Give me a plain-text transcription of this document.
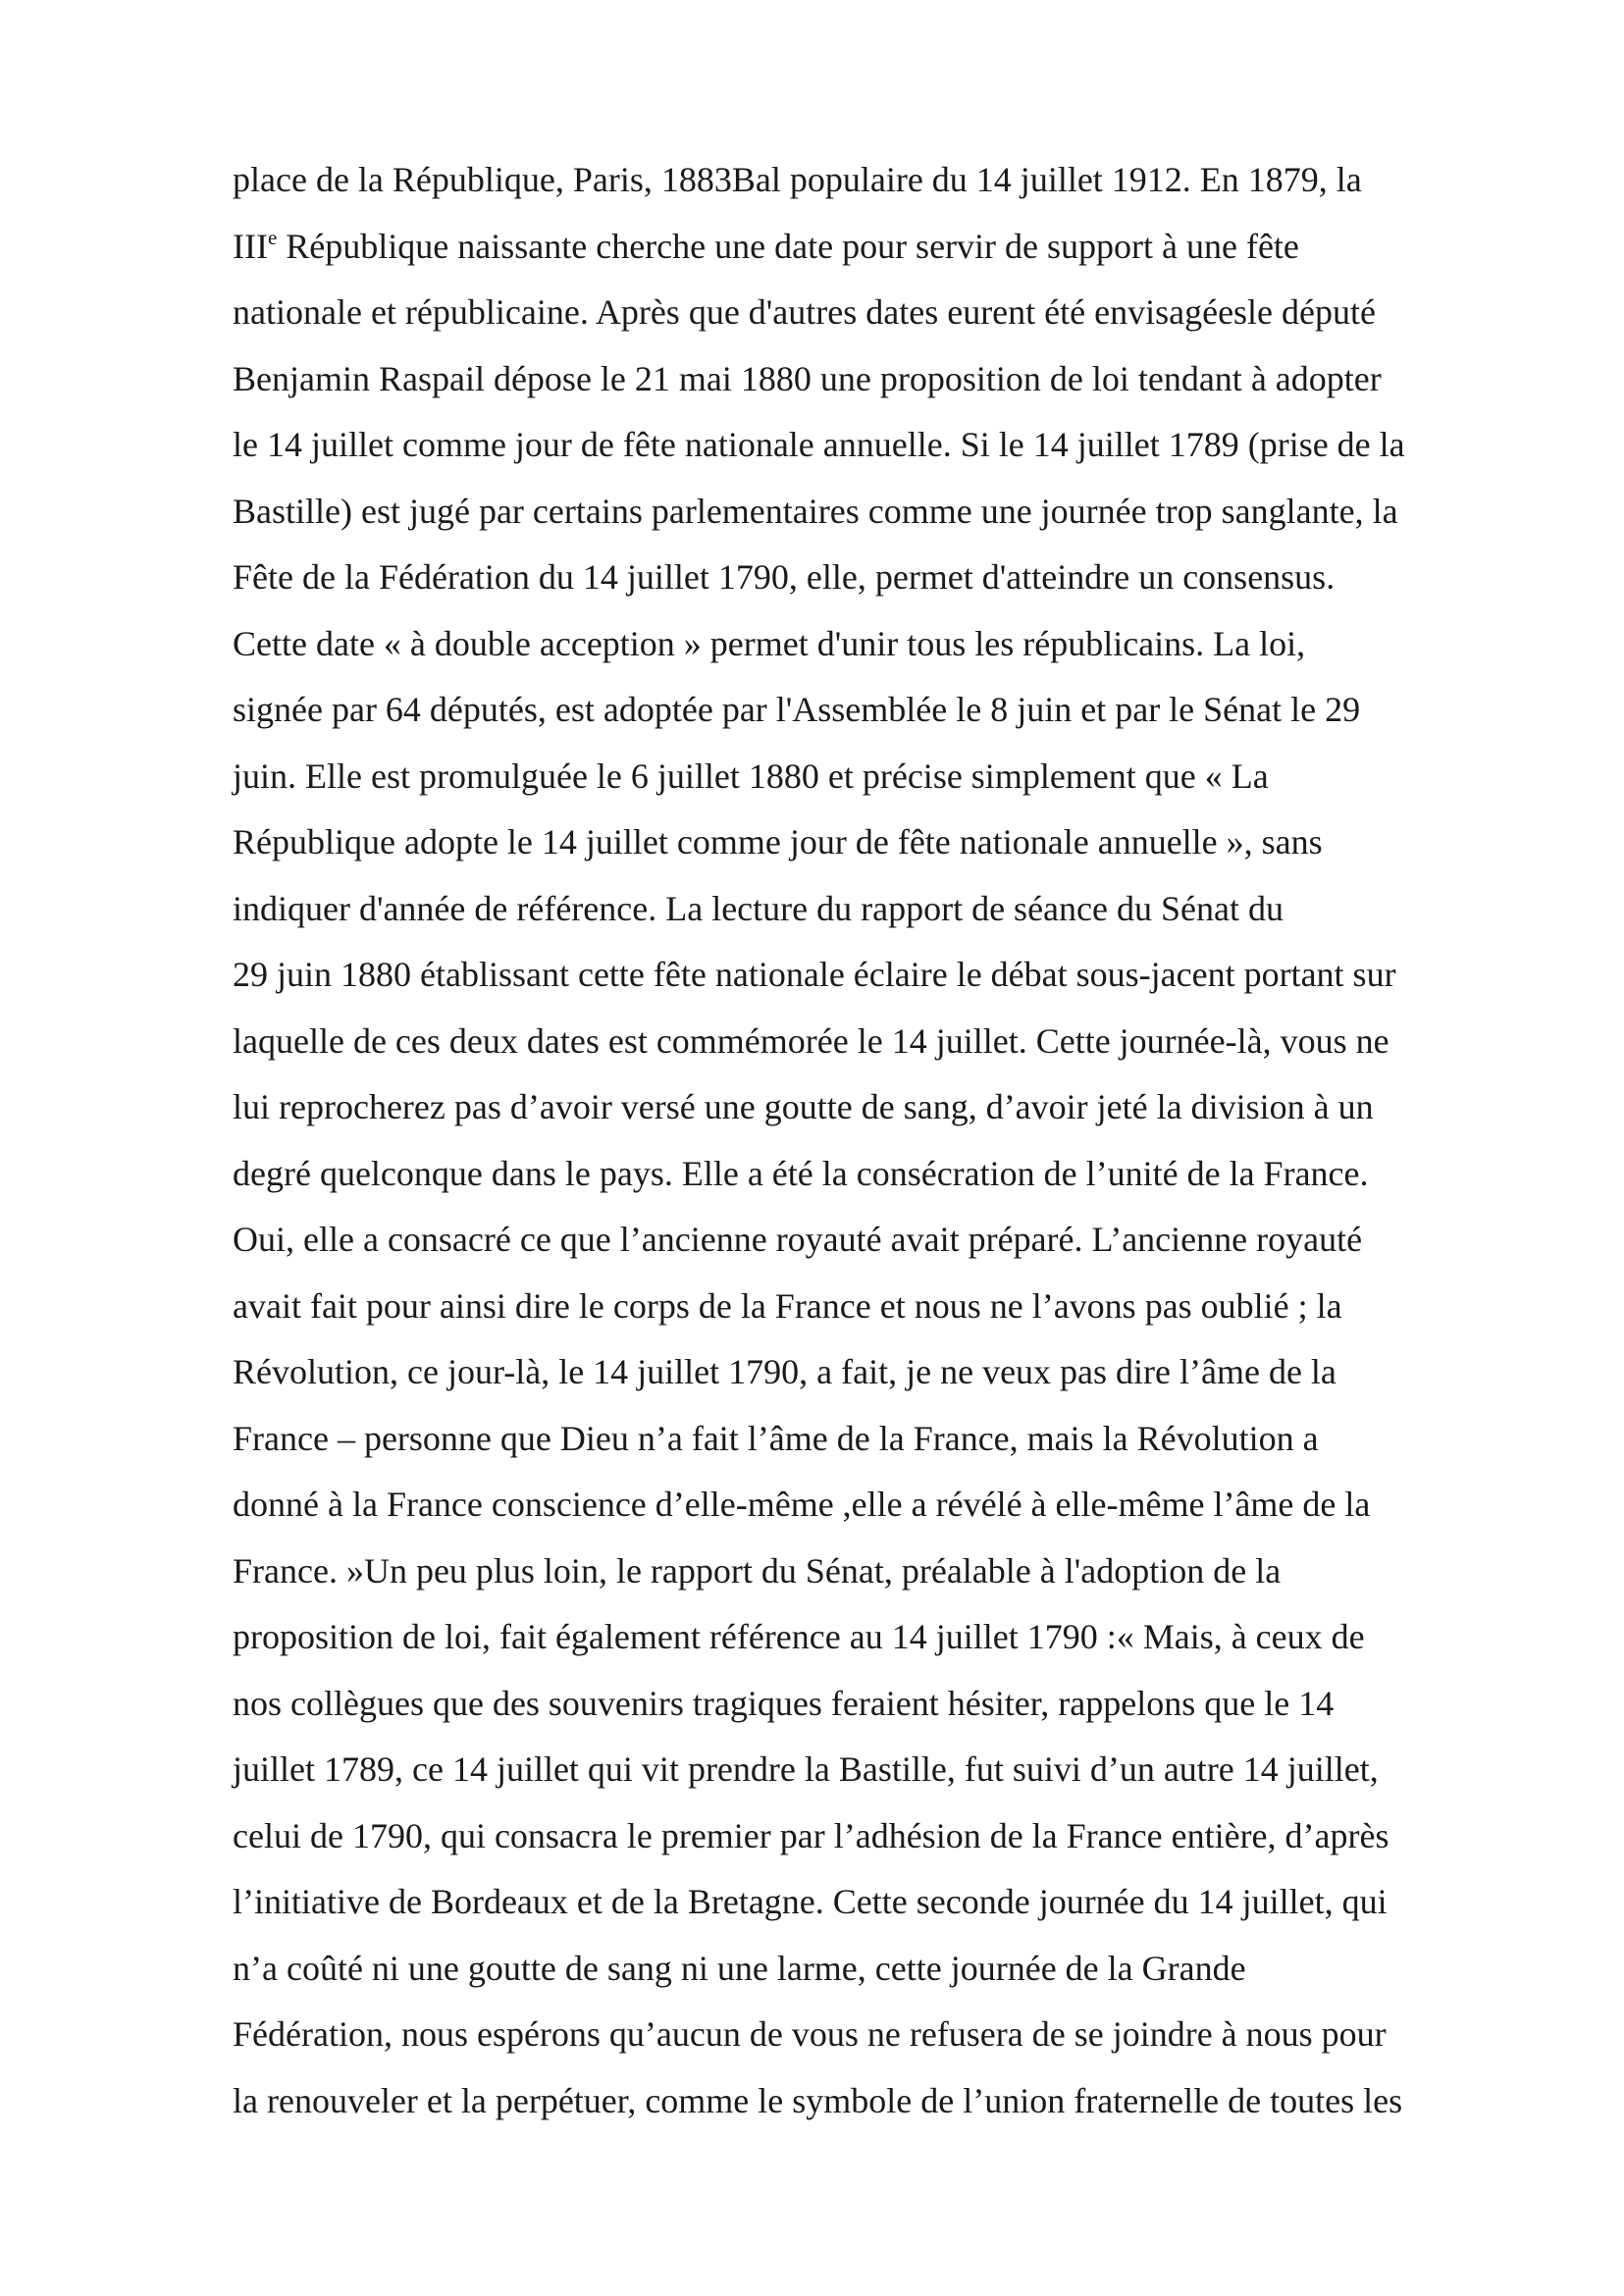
place de la République, Paris, 1883Bal populaire du 14 juillet 1912. En 1879, la
IIIe République naissante cherche une date pour servir de support à une fête
nationale et républicaine. Après que d'autres dates eurent été envisagéesle député
Benjamin Raspail dépose le 21 mai 1880 une proposition de loi tendant à adopter
le 14 juillet comme jour de fête nationale annuelle. Si le 14 juillet 1789 (prise de la
Bastille) est jugé par certains parlementaires comme une journée trop sanglante, la
Fête de la Fédération du 14 juillet 1790, elle, permet d'atteindre un consensus.
Cette date « à double acception » permet d'unir tous les républicains. La loi,
signée par 64 députés, est adoptée par l'Assemblée le 8 juin et par le Sénat le 29
juin. Elle est promulguée le 6 juillet 1880 et précise simplement que « La
République adopte le 14 juillet comme jour de fête nationale annuelle », sans
indiquer d'année de référence. La lecture du rapport de séance du Sénat du
29 juin 1880 établissant cette fête nationale éclaire le débat sous-jacent portant sur
laquelle de ces deux dates est commémorée le 14 juillet. Cette journée-là, vous ne
lui reprocherez pas d’avoir versé une goutte de sang, d’avoir jeté la division à un
degré quelconque dans le pays. Elle a été la consécration de l’unité de la France.
Oui, elle a consacré ce que l’ancienne royauté avait préparé. L’ancienne royauté
avait fait pour ainsi dire le corps de la France et nous ne l’avons pas oublié ; la
Révolution, ce jour-là, le 14 juillet 1790, a fait, je ne veux pas dire l’âme de la
France – personne que Dieu n’a fait l’âme de la France, mais la Révolution a
donné à la France conscience d’elle-même ,elle a révélé à elle-même l’âme de la
France. »Un peu plus loin, le rapport du Sénat, préalable à l'adoption de la
proposition de loi, fait également référence au 14 juillet 1790 :« Mais, à ceux de
nos collègues que des souvenirs tragiques feraient hésiter, rappelons que le 14
juillet 1789, ce 14 juillet qui vit prendre la Bastille, fut suivi d’un autre 14 juillet,
celui de 1790, qui consacra le premier par l’adhésion de la France entière, d’après
l’initiative de Bordeaux et de la Bretagne. Cette seconde journée du 14 juillet, qui
n’a coûté ni une goutte de sang ni une larme, cette journée de la Grande
Fédération, nous espérons qu’aucun de vous ne refusera de se joindre à nous pour
la renouveler et la perpétuer, comme le symbole de l’union fraternelle de toutes les
